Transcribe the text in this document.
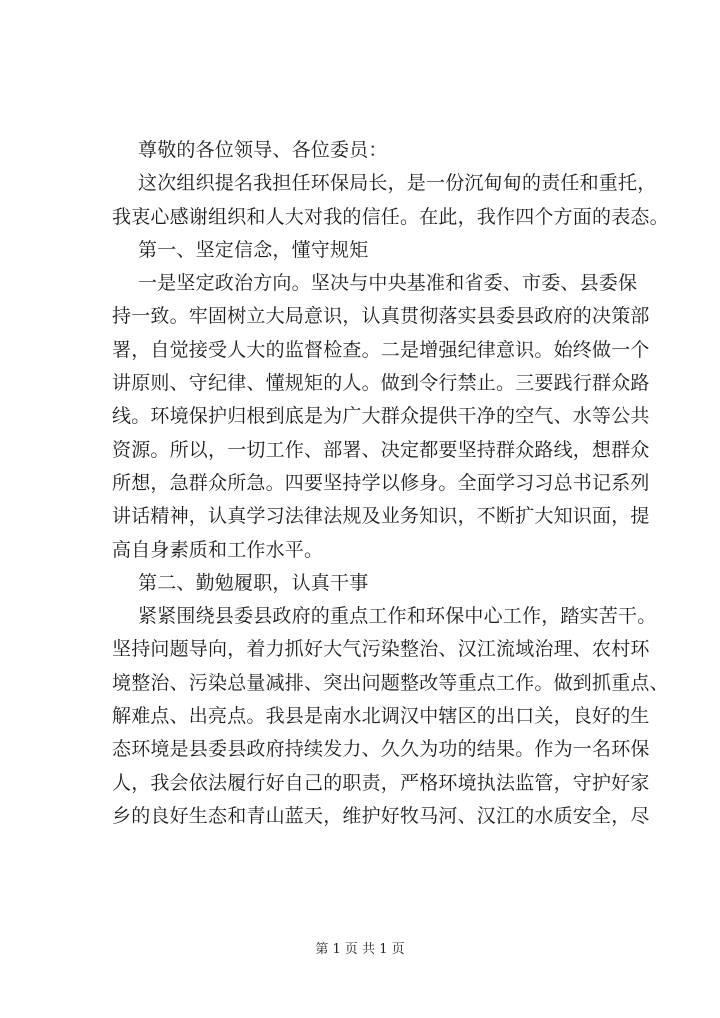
尊敬的各位领导、各位委员：
这次组织提名我担任环保局长，是一份沉甸甸的责任和重托，
我衷心感谢组织和人大对我的信任。在此，我作四个方面的表态。
第一、坚定信念，懂守规矩
一是坚定政治方向。坚决与中央基准和省委、市委、县委保
持一致。牢固树立大局意识，认真贯彻落实县委县政府的决策部
署，自觉接受人大的监督检查。二是增强纪律意识。始终做一个
讲原则、守纪律、懂规矩的人。做到令行禁止。三要践行群众路
线。环境保护归根到底是为广大群众提供干净的空气、水等公共
资源。所以，一切工作、部署、决定都要坚持群众路线，想群众
所想，急群众所急。四要坚持学以修身。全面学习习总书记系列
讲话精神，认真学习法律法规及业务知识，不断扩大知识面，提
高自身素质和工作水平。
第二、勤勉履职，认真干事
紧紧围绕县委县政府的重点工作和环保中心工作，踏实苦干。
坚持问题导向，着力抓好大气污染整治、汉江流域治理、农村环
境整治、污染总量减排、突出问题整改等重点工作。做到抓重点、
解难点、出亮点。我县是南水北调汉中辖区的出口关，良好的生
态环境是县委县政府持续发力、久久为功的结果。作为一名环保
人，我会依法履行好自己的职责，严格环境执法监管，守护好家
乡的良好生态和青山蓝天，维护好牧马河、汉江的水质安全，尽
第 1 页 共 1 页
